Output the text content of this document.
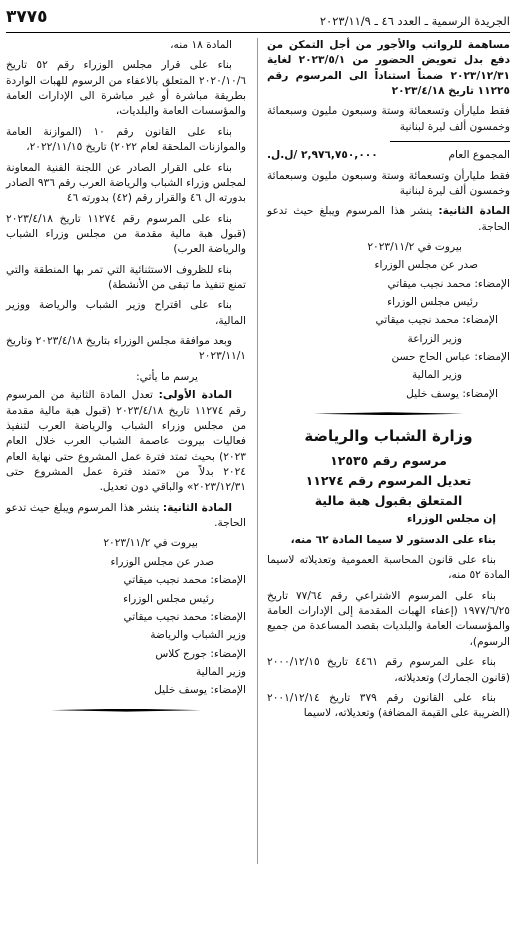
٣٧٧٥	الجريدة الرسمية ـ العدد ٤٦ ـ ٢٠٢٣/١١/٩

مساهمة للرواتب والأجور من أجل التمكن من دفع بدل تعويض الحضور من ٢٠٢٣/٥/١ لغاية ٢٠٢٣/١٢/٣١ ضمناً استناداً الى المرسوم رقم ١١٢٢٥ تاريخ ٢٠٢٣/٤/١٨

فقط مليارأن وتسعمائة وستة وسبعون مليون وسبعمائة وخمسون ألف ليرة لبنانية

المجموع العام
٢,٩٧٦,٧٥٠,٠٠٠ /ل.ل.

فقط مليارأن وتسعمائة وستة وسبعون مليون وسبعمائة وخمسون ألف ليرة لبنانية

المادة الثانية: ينشر هذا المرسوم ويبلغ حيث تدعو الحاجة.

بيروت في ٢٠٢٣/١١/٢

صدر عن مجلس الوزراء

الإمضاء: محمد نجيب ميقاتي

رئيس مجلس الوزراء

الإمضاء: محمد نجيب ميقاتي

وزير الزراعة

الإمضاء: عباس الحاج حسن

وزير المالية

الإمضاء: يوسف خليل

وزارة الشباب والرياضة

مرسوم رقم ١٢٥٣٥

تعديل المرسوم رقم ١١٢٧٤

المتعلق بقبول هبة مالية

إن مجلس الوزراء

بناء على الدستور لا سيما المادة ٦٢ منه،

بناء على قانون المحاسبة العمومية وتعديلاته لاسيما المادة ٥٢ منه،

بناء على المرسوم الاشتراعي رقم ٧٧/٦٤ تاريخ ١٩٧٧/٦/٢٥ (إعفاء الهبات المقدمة إلى الإدارات العامة والمؤسسات العامة والبلديات بقصد المساعدة من جميع الرسوم)،

بناء على المرسوم رقم ٤٤٦١ تاريخ ٢٠٠٠/١٢/١٥ (قانون الجمارك) وتعديلاته،

بناء على القانون رقم ٣٧٩ تاريخ ٢٠٠١/١٢/١٤ (الضريبة على القيمة المضافة) وتعديلاته، لاسيما

المادة ١٨ منه،

بناء على قرار مجلس الوزراء رقم ٥٢ تاريخ ٢٠٢٠/١٠/٦ المتعلق بالاعفاء من الرسوم للهبات الواردة بطريقة مباشرة أو غير مباشرة الى الإدارات العامة والمؤسسات العامة والبلديات،

بناء على القانون رقم ١٠ (الموازنة العامة والموازنات الملحقة لعام ٢٠٢٢) تاريخ ٢٠٢٢/١١/١٥،

بناء على القرار الصادر عن اللجنة الفنية المعاونة لمجلس وزراء الشباب والرياضة العرب رقم ٩٣٦ الصادر بدورته ال ٤٦ والقرار رقم (٤٢) بدورته ٤٦

بناء على المرسوم رقم ١١٢٧٤ تاريخ ٢٠٢٣/٤/١٨ (قبول هبة مالية مقدمة من مجلس وزراء الشباب والرياضة العرب)

بناء للظروف الاستثنائية التي تمر بها المنطقة والتي تمنع تنفيذ ما تبقى من الأنشطة)

بناء على اقتراح وزير الشباب والرياضة ووزير المالية،

وبعد موافقة مجلس الوزراء بتاريخ ٢٠٢٣/٤/١٨ وتاريخ ٢٠٢٣/١١/١

يرسم ما يأتي:

المادة الأولى: تعدل المادة الثانية من المرسوم رقم ١١٢٧٤ تاريخ ٢٠٢٣/٤/١٨ (قبول هبة مالية مقدمة من مجلس وزراء الشباب والرياضة العرب لتنفيذ فعاليات بيروت عاصمة الشباب العرب خلال العام ٢٠٢٣) بحيث تمتد فترة عمل المشروع حتى نهاية العام ٢٠٢٤ بدلاً من «تمتد فترة عمل المشروع حتى ٢٠٢٣/١٢/٣١» والباقي دون تعديل.

المادة الثانية: ينشر هذا المرسوم ويبلغ حيث تدعو الحاجة.

بيروت في ٢٠٢٣/١١/٢

صدر عن مجلس الوزراء

الإمضاء: محمد نجيب ميقاتي

رئيس مجلس الوزراء

الإمضاء: محمد نجيب ميقاتي

وزير الشباب والرياضة

الإمضاء: جورج كلاس

وزير المالية

الإمضاء: يوسف خليل
